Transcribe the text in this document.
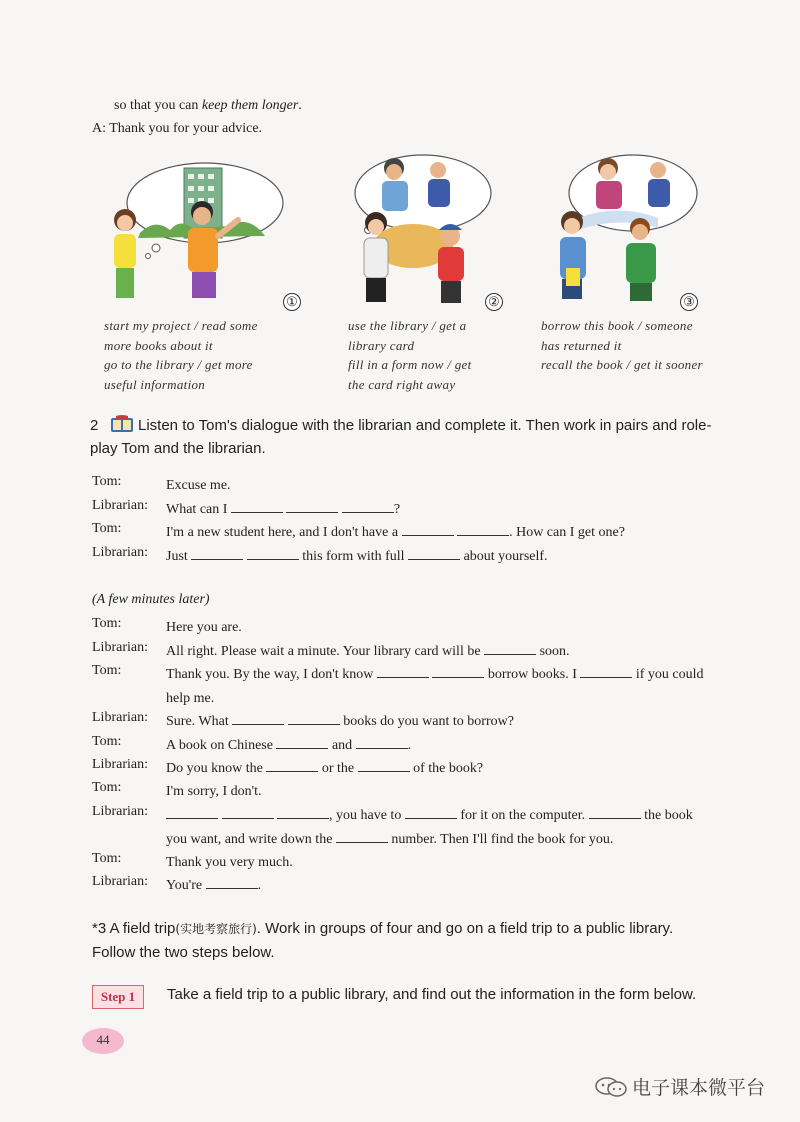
so that you can keep them longer.
A: Thank you for your advice.
①	②	③
start my project / read some
more books about it
go to the library / get more
useful information
use the library / get a
library card
fill in a form now / get
the card right away
borrow this book / someone
has returned it
recall the book / get it sooner
2	Listen to Tom's dialogue with the librarian and complete it. Then work in pairs and role-play Tom and the librarian.
Tom:	Excuse me.
Librarian:	What can I	?
Tom:	I'm a new student here, and I don't have a	. How can I get one?
Librarian:	Just	this form with full	about yourself.
(A few minutes later)
Tom:	Here you are.
Librarian:	All right. Please wait a minute. Your library card will be	soon.
Tom:	Thank you. By the way, I don't know	borrow books. I	if you could help me.
Librarian:	Sure. What	books do you want to borrow?
Tom:	A book on Chinese	and	.
Librarian:	Do you know the	or the	of the book?
Tom:	I'm sorry, I don't.
Librarian:	, you have to	for it on the computer.	the book you want, and write down the	number. Then I'll find the book for you.
Tom:	Thank you very much.
Librarian:	You're	.
*3 A field trip(实地考察旅行). Work in groups of four and go on a field trip to a public library. Follow the two steps below.
Step 1	Take a field trip to a public library, and find out the information in the form below.
44
电子课本微平台
